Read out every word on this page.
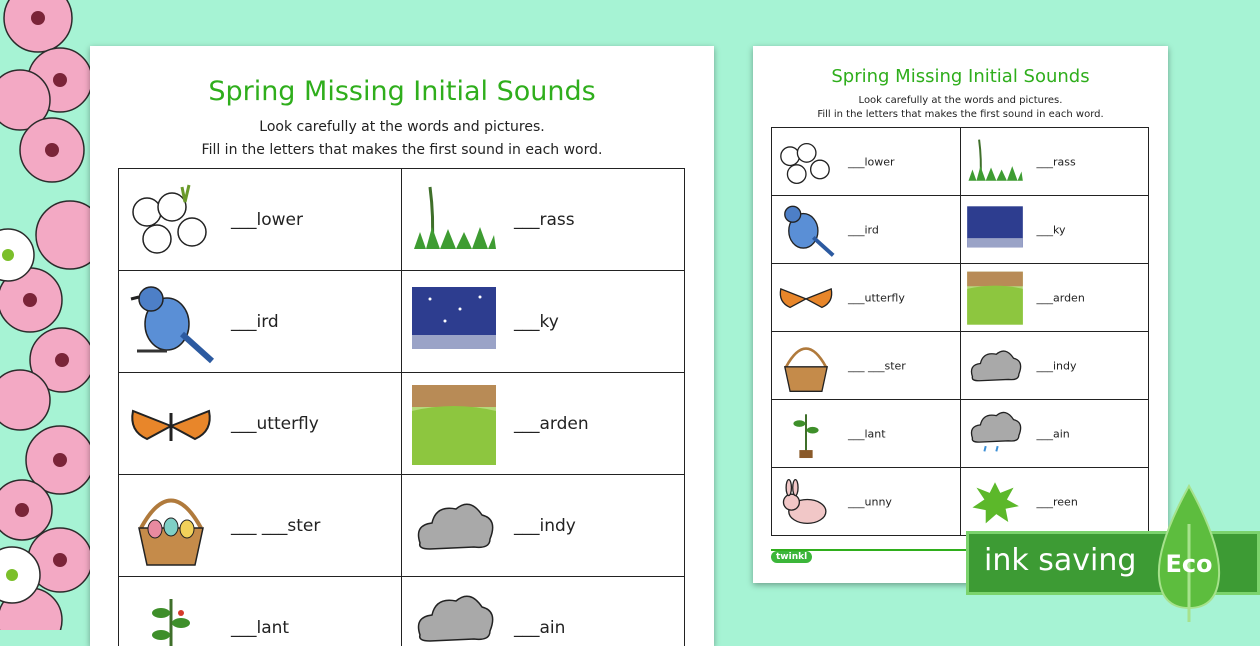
Spring Missing Initial Sounds
Look carefully at the words and pictures.
Fill in the letters that makes the first sound in each word.
___lower	___rass

___ird	___ky

___utterfly	___arden

___ ___ster	___indy

___lant	___ain
Spring Missing Initial Sounds
Look carefully at the words and pictures.
Fill in the letters that makes the first sound in each word.
___lower	___rass

___ird	___ky

___utterfly	___arden

___ ___ster	___indy

___lant	___ain

___unny	___reen
twinkl	ink saving Eco
